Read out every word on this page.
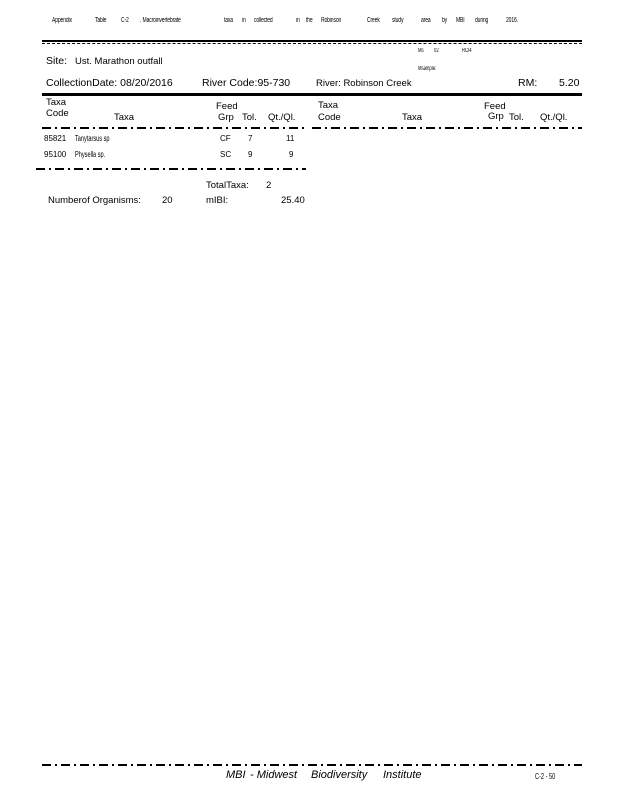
Appendix	Table C-2 . Macroinvertebrate	taxa in collected	in the Robinson	Creek study	area by MBI during	2016.
Ms 02	RCI4
Msample:
Site: Ust. Marathon outfall
CollectionDate: 08/20/2016	River Code:95-730	River: Robinson Creek	RM: 5.20
Taxa
Code	Taxa
Feed
Grp Tol. Qt./Ql.
Taxa
Code	Taxa
Feed
Grp Tol. Qt./Ql.
85821 Tanytarsus sp	CF 7	11
95100 Physella sp.	SC 9	9
TotalTaxa: 2
Numberof Organisms: 20	mIBI:	25.40
MBI - Midwest Biodiversity Institute	C-2 - 50
